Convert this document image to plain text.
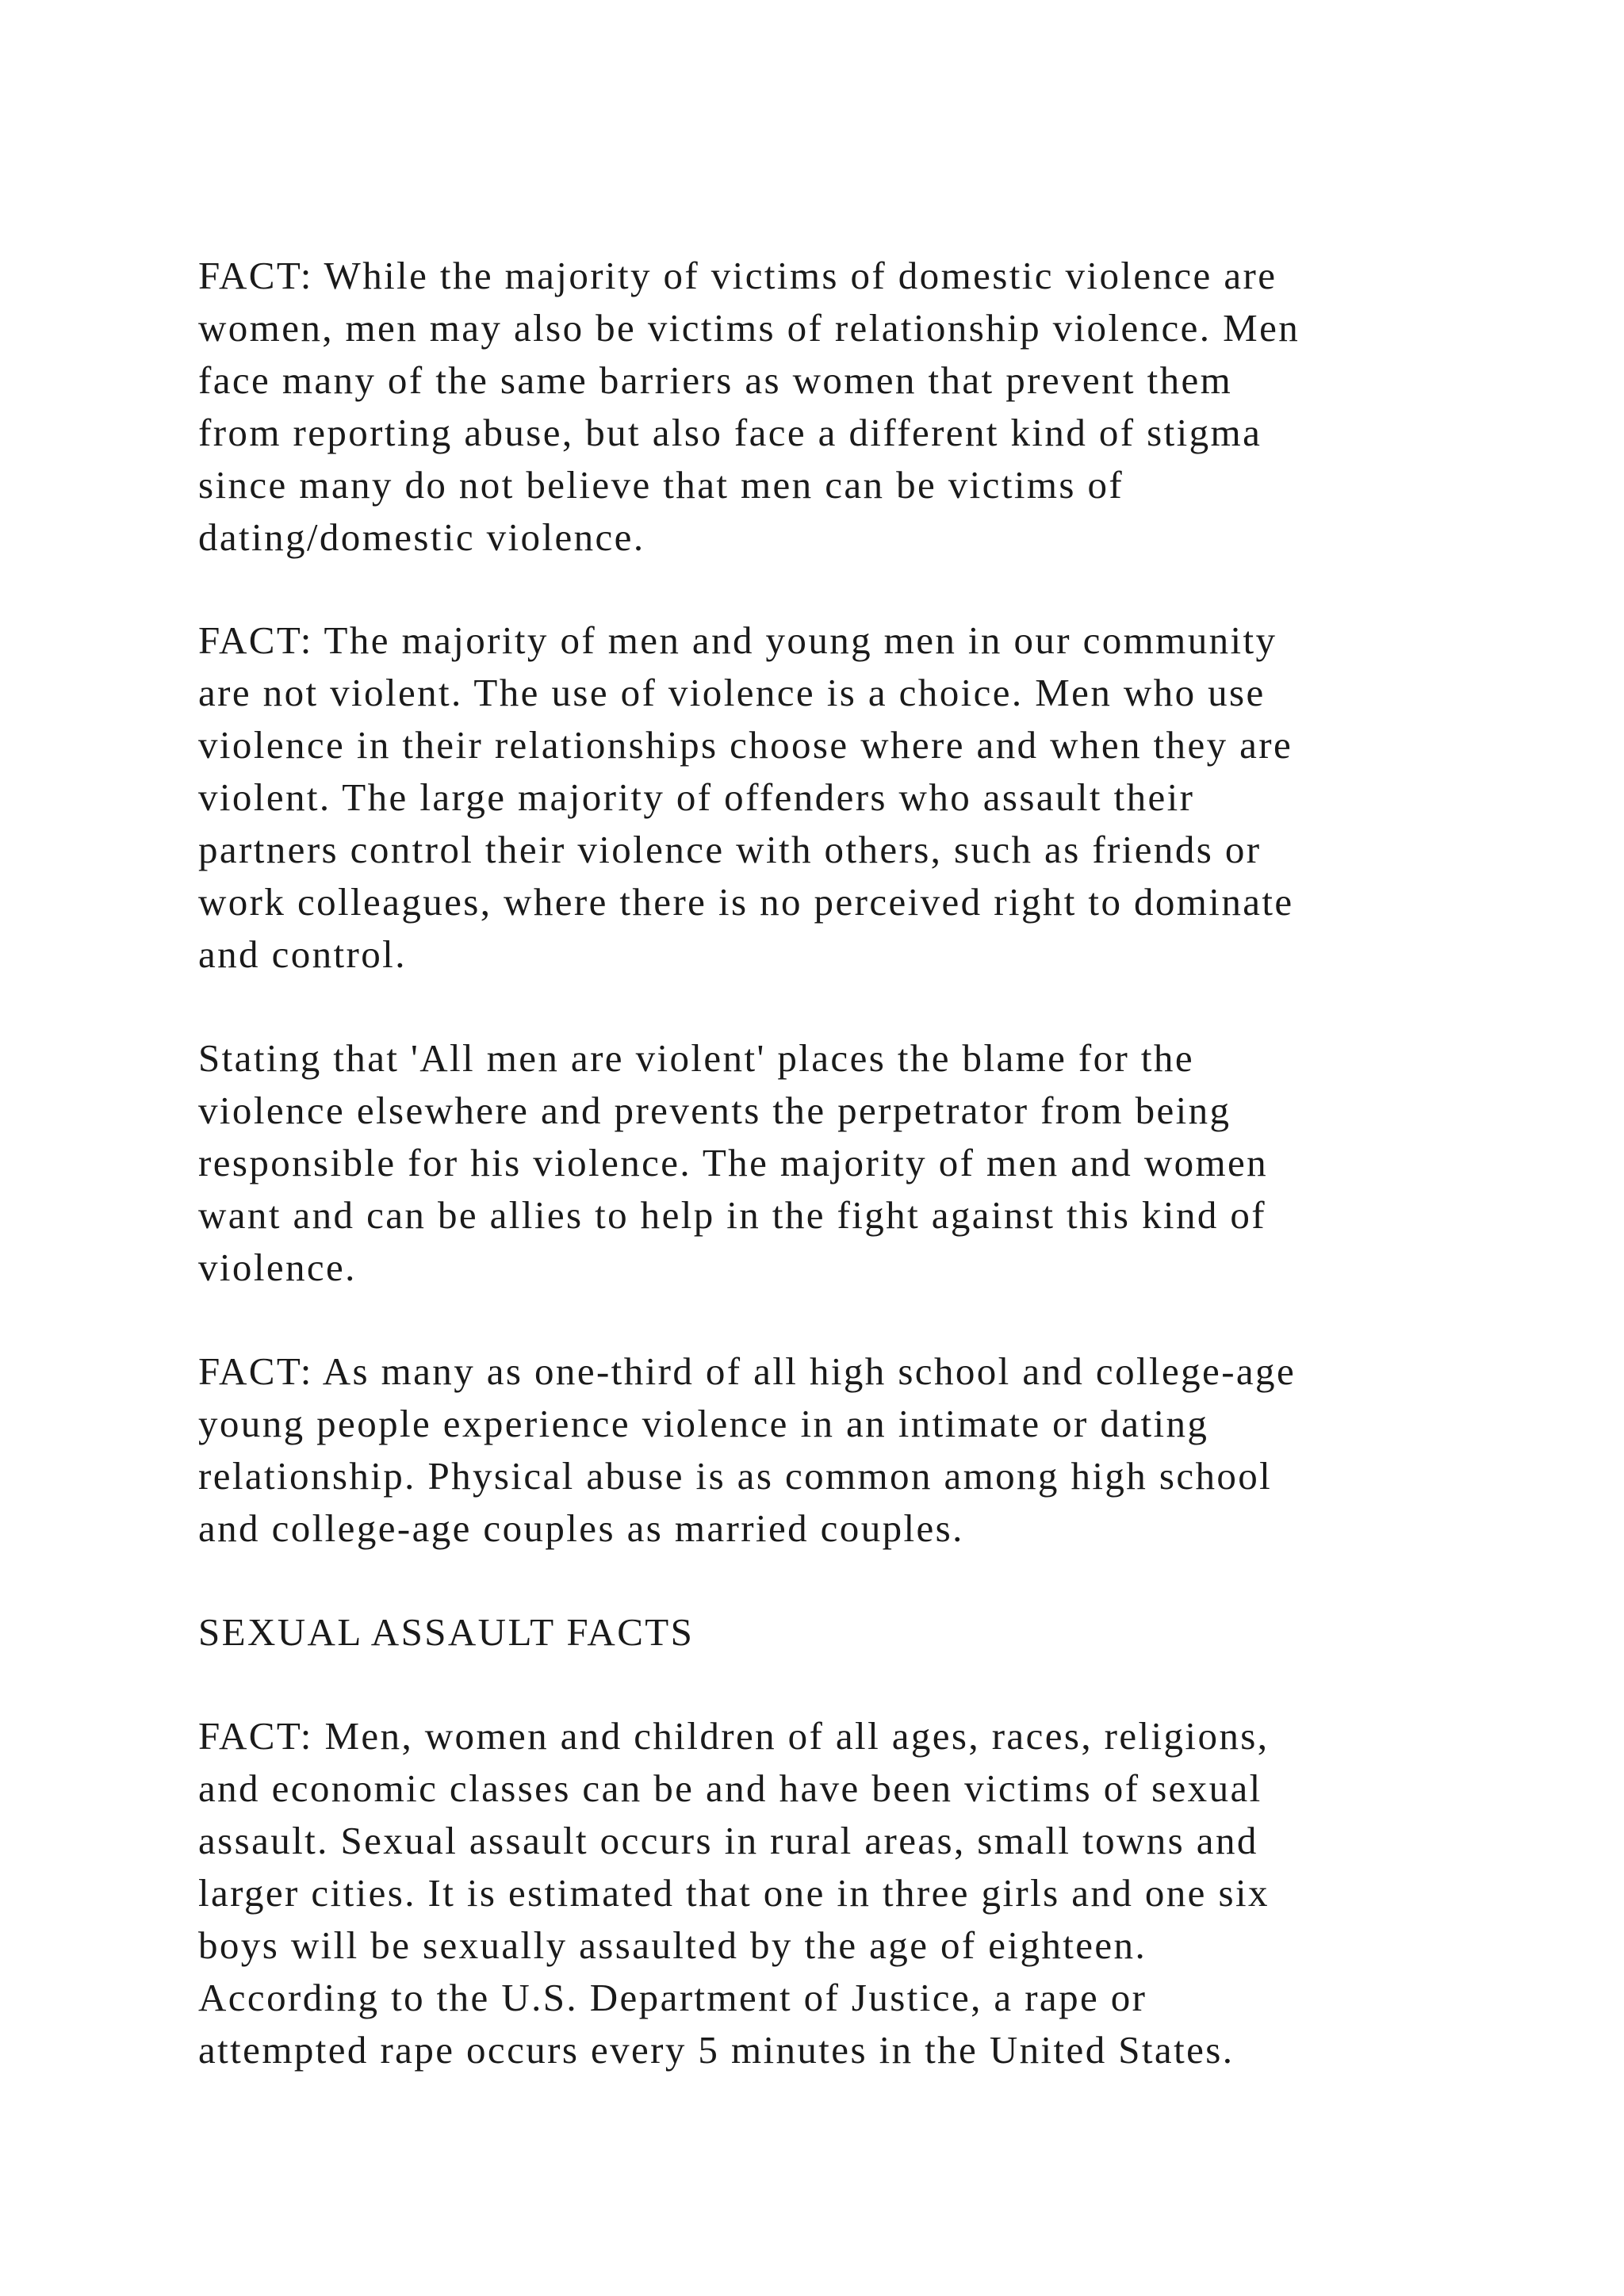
FACT: While the majority of victims of domestic violence are
women, men may also be victims of relationship violence. Men
face many of the same barriers as women that prevent them
from reporting abuse, but also face a different kind of stigma
since many do not believe that men can be victims of
dating/domestic violence.

FACT: The majority of men and young men in our community
are not violent. The use of violence is a choice. Men who use
violence in their relationships choose where and when they are
violent. The large majority of offenders who assault their
partners control their violence with others, such as friends or
work colleagues, where there is no perceived right to dominate
and control.

Stating that 'All men are violent' places the blame for the
violence elsewhere and prevents the perpetrator from being
responsible for his violence. The majority of men and women
want and can be allies to help in the fight against this kind of
violence.

FACT: As many as one-third of all high school and college-age
young people experience violence in an intimate or dating
relationship. Physical abuse is as common among high school
and college-age couples as married couples.

SEXUAL ASSAULT FACTS

FACT: Men, women and children of all ages, races, religions,
and economic classes can be and have been victims of sexual
assault. Sexual assault occurs in rural areas, small towns and
larger cities. It is estimated that one in three girls and one six
boys will be sexually assaulted by the age of eighteen.
According to the U.S. Department of Justice, a rape or
attempted rape occurs every 5 minutes in the United States.
